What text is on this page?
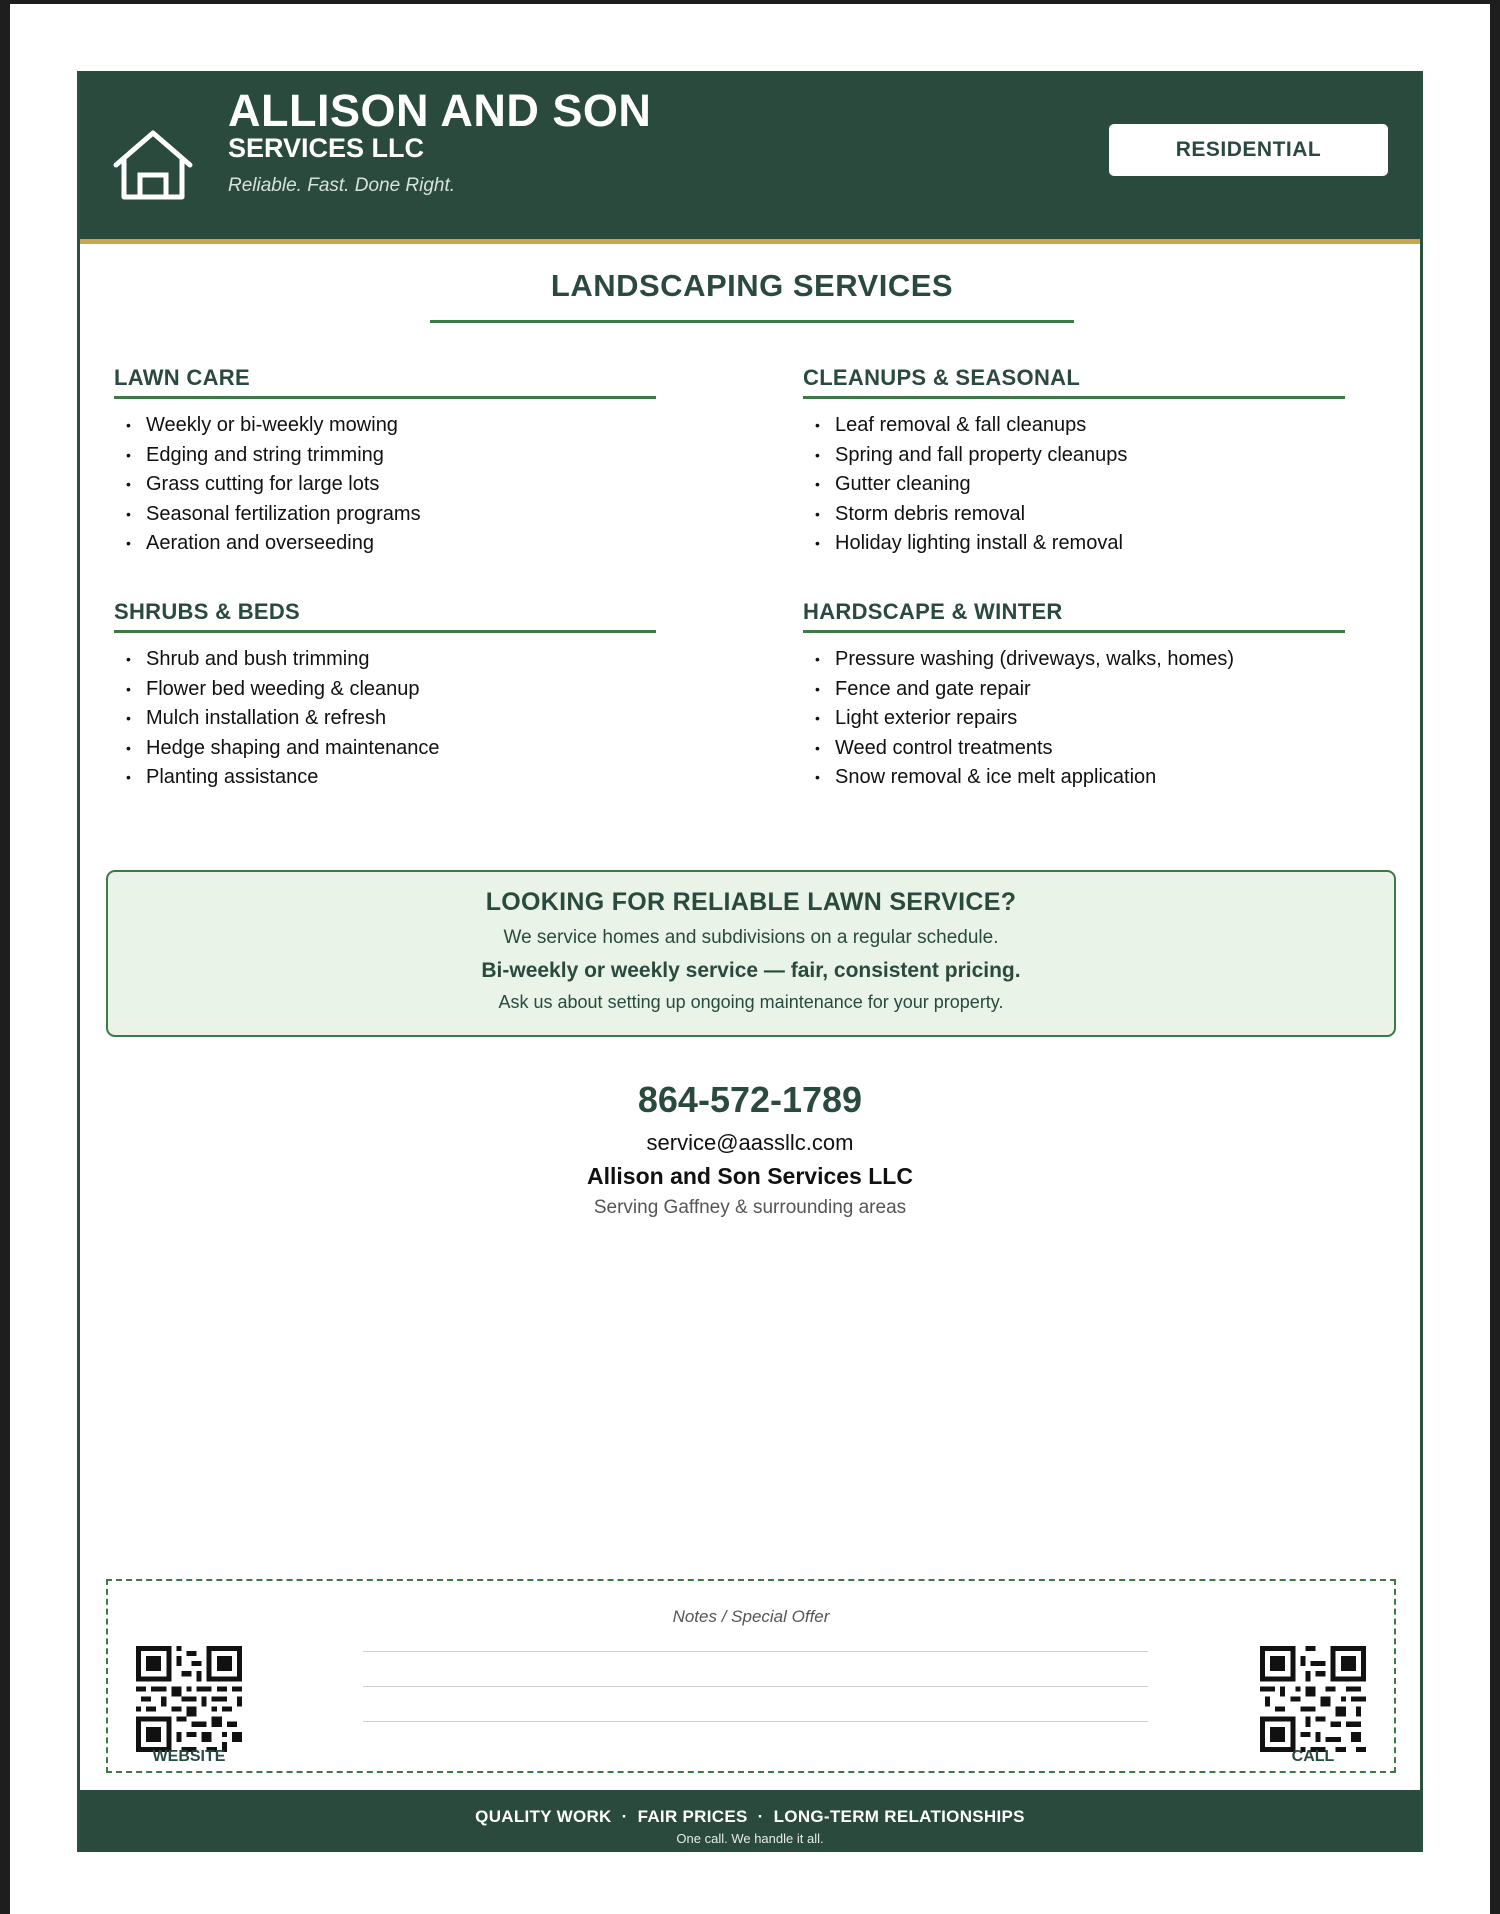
ALLISON AND SON
SERVICES LLC
Reliable. Fast. Done Right.
RESIDENTIAL
LANDSCAPING SERVICES
LAWN CARE
• Weekly or bi-weekly mowing
• Edging and string trimming
• Grass cutting for large lots
• Seasonal fertilization programs
• Aeration and overseeding
CLEANUPS & SEASONAL
• Leaf removal & fall cleanups
• Spring and fall property cleanups
• Gutter cleaning
• Storm debris removal
• Holiday lighting install & removal
SHRUBS & BEDS
• Shrub and bush trimming
• Flower bed weeding & cleanup
• Mulch installation & refresh
• Hedge shaping and maintenance
• Planting assistance
HARDSCAPE & WINTER
• Pressure washing (driveways, walks, homes)
• Fence and gate repair
• Light exterior repairs
• Weed control treatments
• Snow removal & ice melt application
LOOKING FOR RELIABLE LAWN SERVICE?
We service homes and subdivisions on a regular schedule.
Bi-weekly or weekly service — fair, consistent pricing.
Ask us about setting up ongoing maintenance for your property.
864-572-1789
service@aassllc.com
Allison and Son Services LLC
Serving Gaffney & surrounding areas
Notes / Special Offer
WEBSITE	CALL
QUALITY WORK · FAIR PRICES · LONG-TERM RELATIONSHIPS
One call. We handle it all.
